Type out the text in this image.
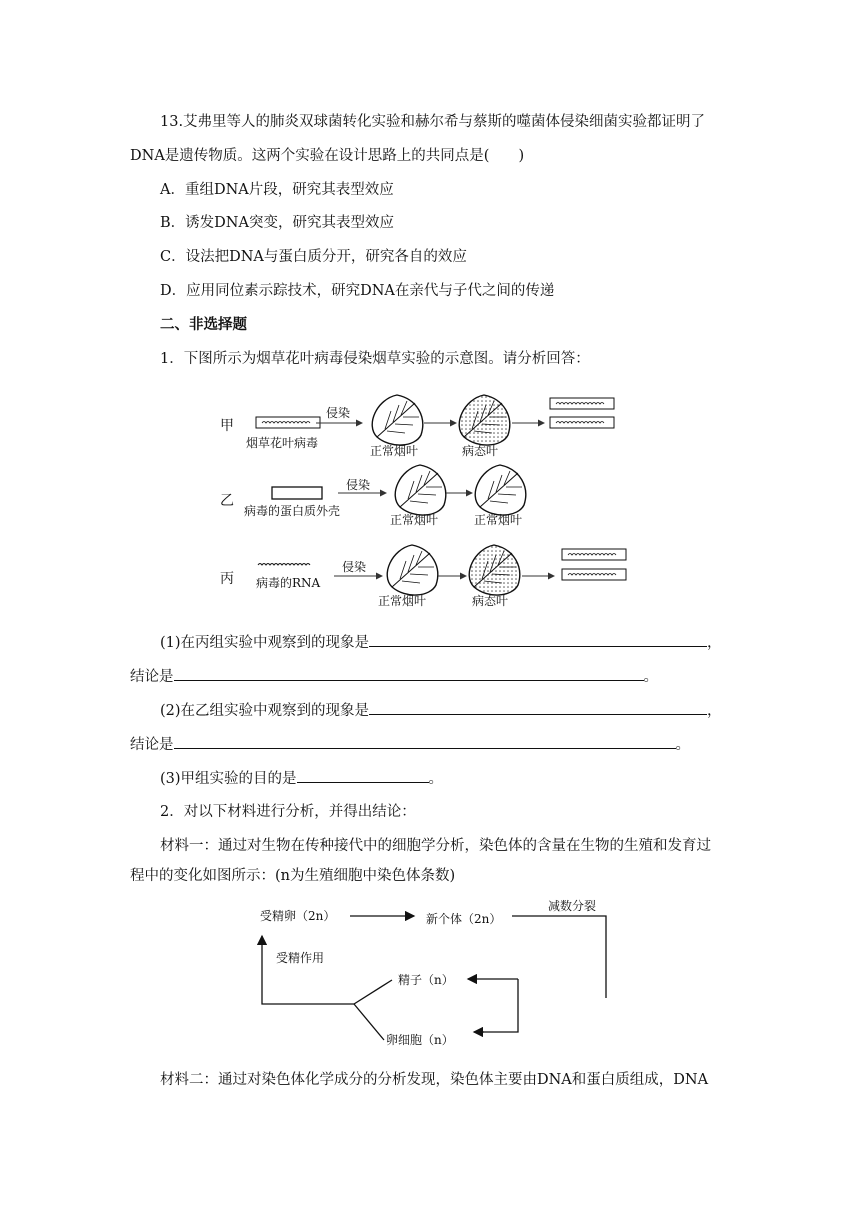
13.艾弗里等人的肺炎双球菌转化实验和赫尔希与蔡斯的噬菌体侵染细菌实验都证明了
DNA是遗传物质。这两个实验在设计思路上的共同点是(　　)
A．重组DNA片段，研究其表型效应
B．诱发DNA突变，研究其表型效应
C．设法把DNA与蛋白质分开，研究各自的效应
D．应用同位素示踪技术，研究DNA在亲代与子代之间的传递
二、非选择题
1．下图所示为烟草花叶病毒侵染烟草实验的示意图。请分析回答：
甲
烟草花叶病毒
侵染
正常烟叶	病态叶
乙
病毒的蛋白质外壳
侵染
正常烟叶	正常烟叶
丙 病毒的RNA
侵染
正常烟叶	病态叶
(1)在丙组实验中观察到的现象是	，
结论是	。
(2)在乙组实验中观察到的现象是	，
结论是	。
(3)甲组实验的目的是	。
2．对以下材料进行分析，并得出结论：
材料一：通过对生物在传种接代中的细胞学分析，染色体的含量在生物的生殖和发育过
程中的变化如图所示：(n为生殖细胞中染色体条数)
受精卵（2n）	新个体（2n）
减数分裂
受精作用
精子（n）
卵细胞（n）
材料二：通过对染色体化学成分的分析发现，染色体主要由DNA和蛋白质组成，DNA
